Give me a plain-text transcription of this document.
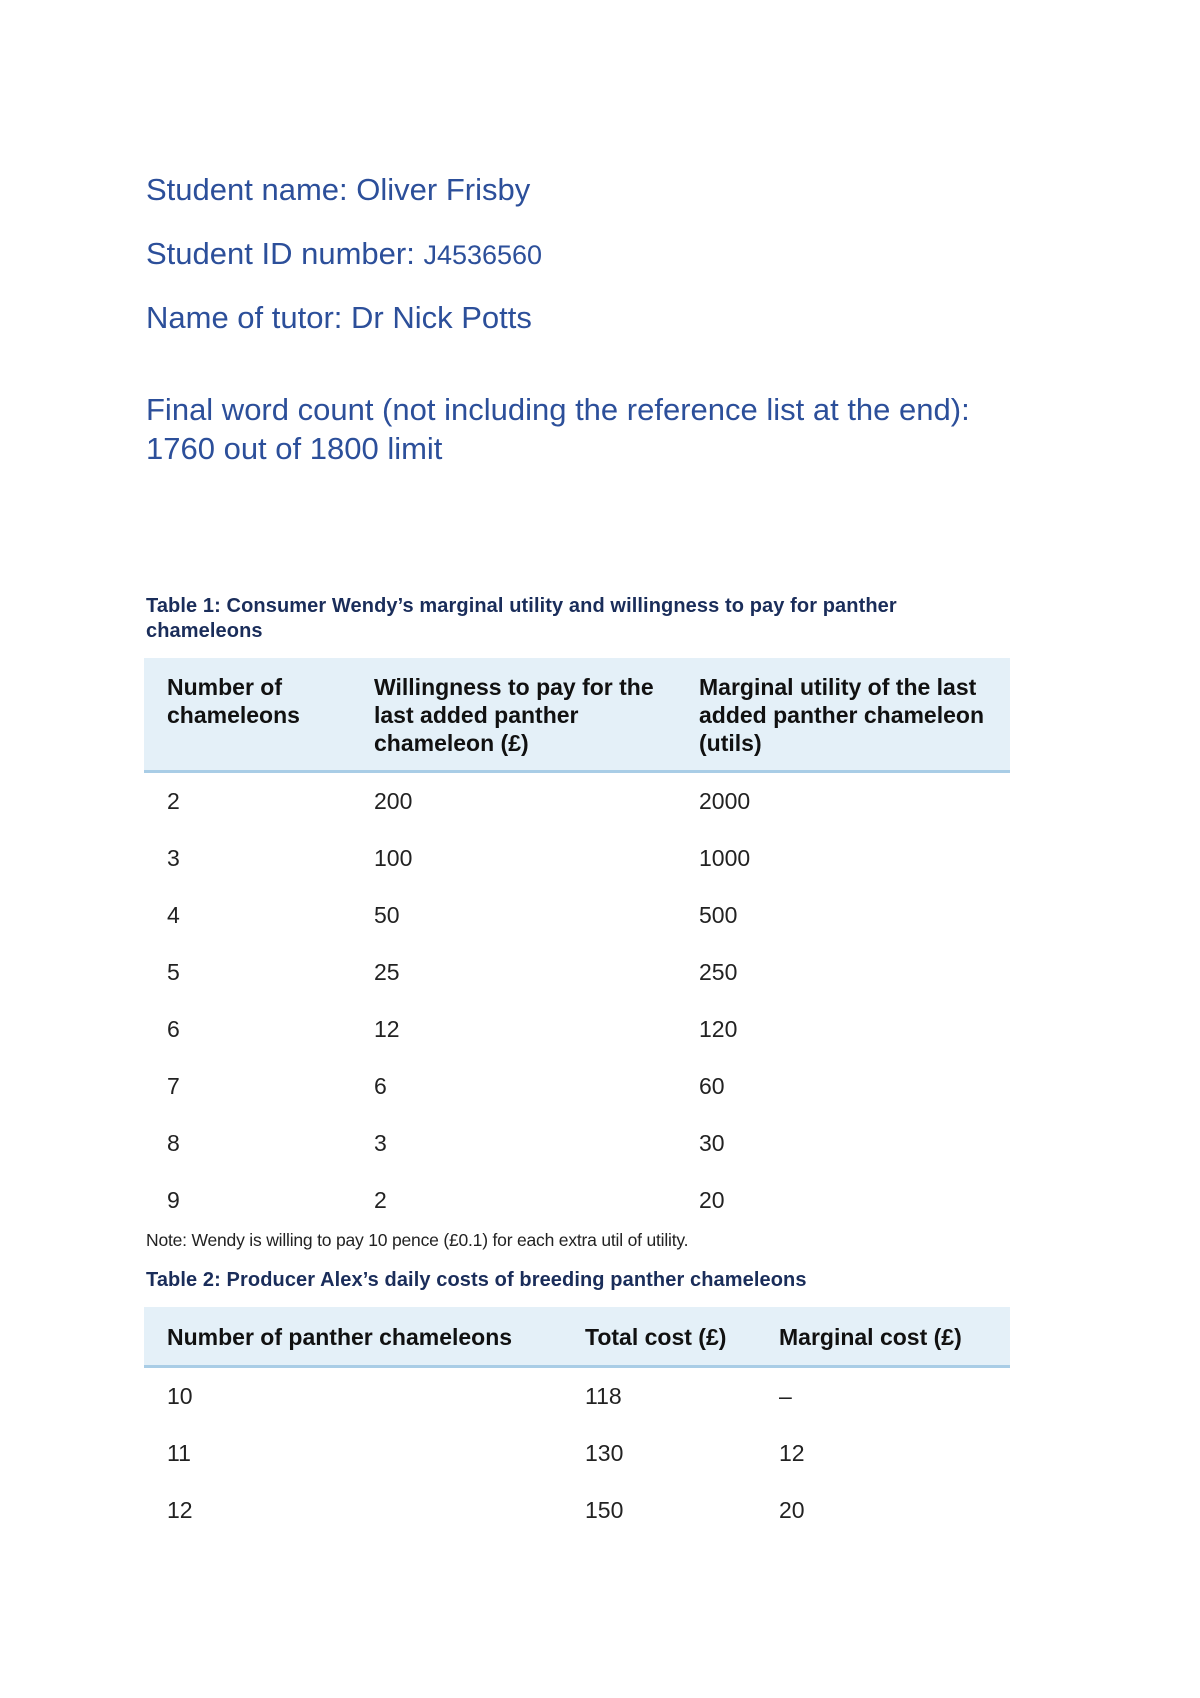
Student name: Oliver Frisby
Student ID number: J4536560
Name of tutor: Dr Nick Potts
Final word count (not including the reference list at the end): 1760 out of 1800 limit
Table 1: Consumer Wendy’s marginal utility and willingness to pay for panther chameleons
Number of chameleons	Willingness to pay for the last added panther chameleon (£)	Marginal utility of the last added panther chameleon (utils)
2	200	2000
3	100	1000
4	50	500
5	25	250
6	12	120
7	6	60
8	3	30
9	2	20
Note: Wendy is willing to pay 10 pence (£0.1) for each extra util of utility.
Table 2: Producer Alex’s daily costs of breeding panther chameleons
Number of panther chameleons	Total cost (£)	Marginal cost (£)
10	118	–
11	130	12
12	150	20
